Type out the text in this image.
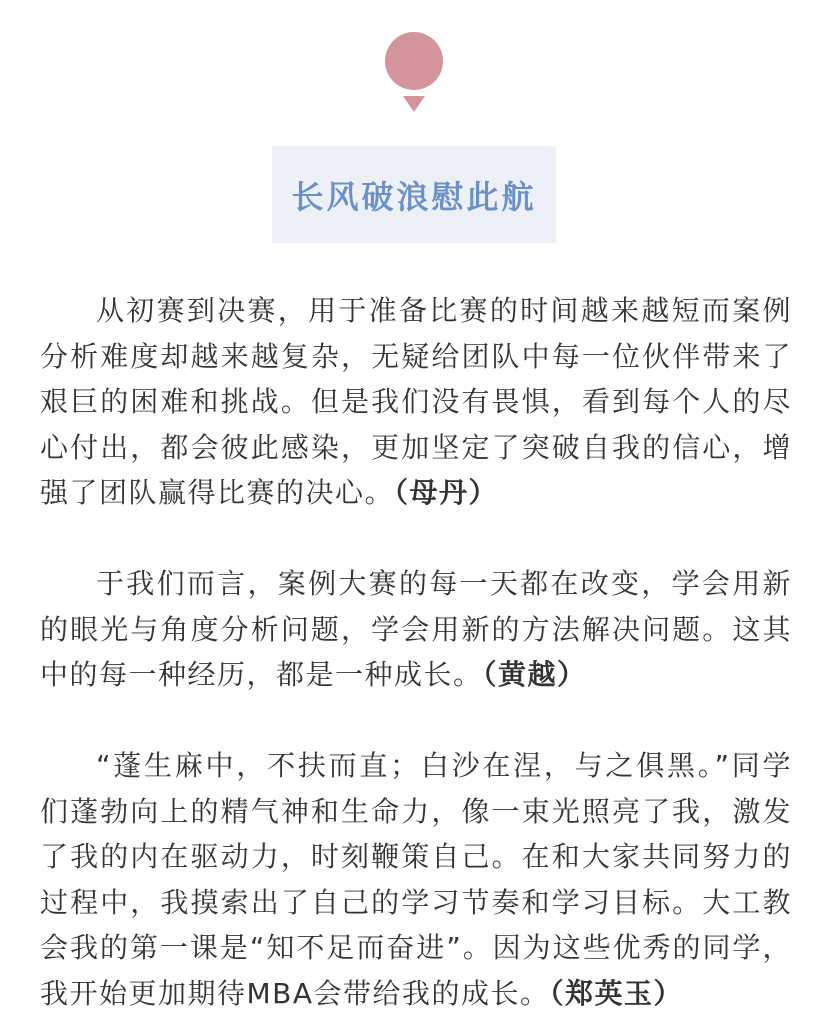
长风破浪慰此航

从初赛到决赛，用于准备比赛的时间越来越短而案例分析难度却越来越复杂，无疑给团队中每一位伙伴带来了艰巨的困难和挑战。但是我们没有畏惧，看到每个人的尽心付出，都会彼此感染，更加坚定了突破自我的信心，增强了团队赢得比赛的决心。（母丹）

于我们而言，案例大赛的每一天都在改变，学会用新的眼光与角度分析问题，学会用新的方法解决问题。这其中的每一种经历，都是一种成长。（黄越）

“蓬生麻中，不扶而直；白沙在涅，与之俱黑。”同学们蓬勃向上的精气神和生命力，像一束光照亮了我，激发了我的内在驱动力，时刻鞭策自己。在和大家共同努力的过程中，我摸索出了自己的学习节奏和学习目标。大工教会我的第一课是“知不足而奋进”。因为这些优秀的同学，我开始更加期待MBA会带给我的成长。（郑英玉）
